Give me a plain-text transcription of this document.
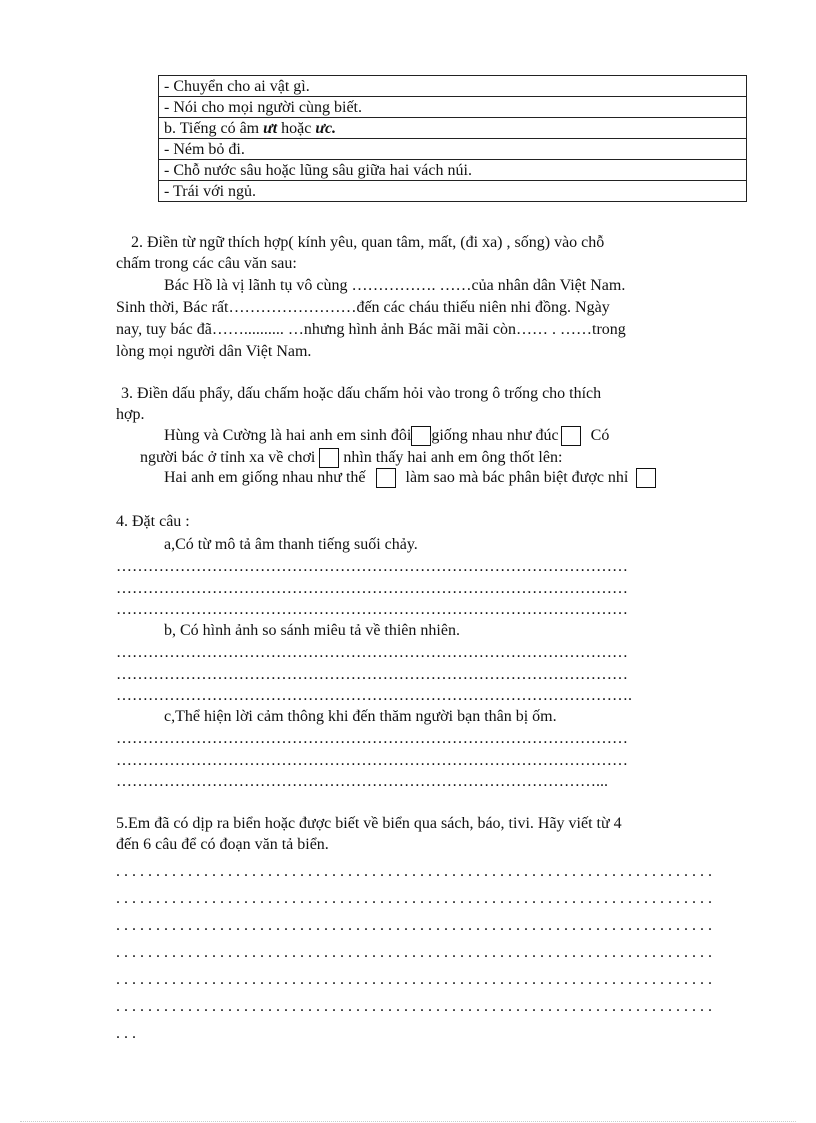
- Chuyển cho ai vật gì.
- Nói cho mọi người cùng biết.
b. Tiếng có âm ưt hoặc ưc.
- Ném bỏ đi.
- Chỗ nước sâu hoặc lũng sâu giữa hai vách núi.
- Trái với ngủ.
2. Điền từ ngữ thích hợp( kính yêu, quan tâm, mất, (đi xa) , sống) vào chỗ
chấm trong các câu văn sau:
Bác Hồ là vị lãnh tụ vô cùng ……………. ……của nhân dân Việt Nam.
Sinh thời, Bác rất……………………đến các cháu thiếu niên nhi đồng. Ngày
nay, tuy bác đã…….......... …nhưng hình ảnh Bác mãi mãi còn…… . ……trong
lòng mọi người dân Việt Nam.
3. Điền dấu phẩy, dấu chấm hoặc dấu chấm hỏi vào trong ô trống cho thích
hợp.
Hùng và Cường là hai anh em sinh đôi giống nhau như đúc Có
người bác ở tỉnh xa về chơi nhìn thấy hai anh em ông thốt lên:
Hai anh em giống nhau như thế	làm sao mà bác phân biệt được nhỉ
4. Đặt câu :
a,Có từ mô tả âm thanh tiếng suối chảy.
……………………………………………………………………………………
……………………………………………………………………………………
……………………………………………………………………………………
b, Có hình ảnh so sánh miêu tả về thiên nhiên.
……………………………………………………………………………………
……………………………………………………………………………………
…………………………………………………………………………………….
c,Thể hiện lời cảm thông khi đến thăm người bạn thân bị ốm.
……………………………………………………………………………………
……………………………………………………………………………………
………………………………………………………………………………...
5.Em đã có dịp ra biển hoặc được biết về biển qua sách, báo, tivi. Hãy viết từ 4
đến 6 câu để có đoạn văn tả biển.
. . . . . . . . . . . . . . . . . . . . . . . . . . . . . . . . . . . . . . . . . . . . . . . . . . . . . . . . . . . . . . . . . . . . . . . . . . .
. . . . . . . . . . . . . . . . . . . . . . . . . . . . . . . . . . . . . . . . . . . . . . . . . . . . . . . . . . . . . . . . . . . . . . . . . . .
. . . . . . . . . . . . . . . . . . . . . . . . . . . . . . . . . . . . . . . . . . . . . . . . . . . . . . . . . . . . . . . . . . . . . . . . . . .
. . . . . . . . . . . . . . . . . . . . . . . . . . . . . . . . . . . . . . . . . . . . . . . . . . . . . . . . . . . . . . . . . . . . . . . . . . .
. . . . . . . . . . . . . . . . . . . . . . . . . . . . . . . . . . . . . . . . . . . . . . . . . . . . . . . . . . . . . . . . . . . . . . . . . . .
. . . . . . . . . . . . . . . . . . . . . . . . . . . . . . . . . . . . . . . . . . . . . . . . . . . . . . . . . . . . . . . . . . . . . . . . . . .
. . .
